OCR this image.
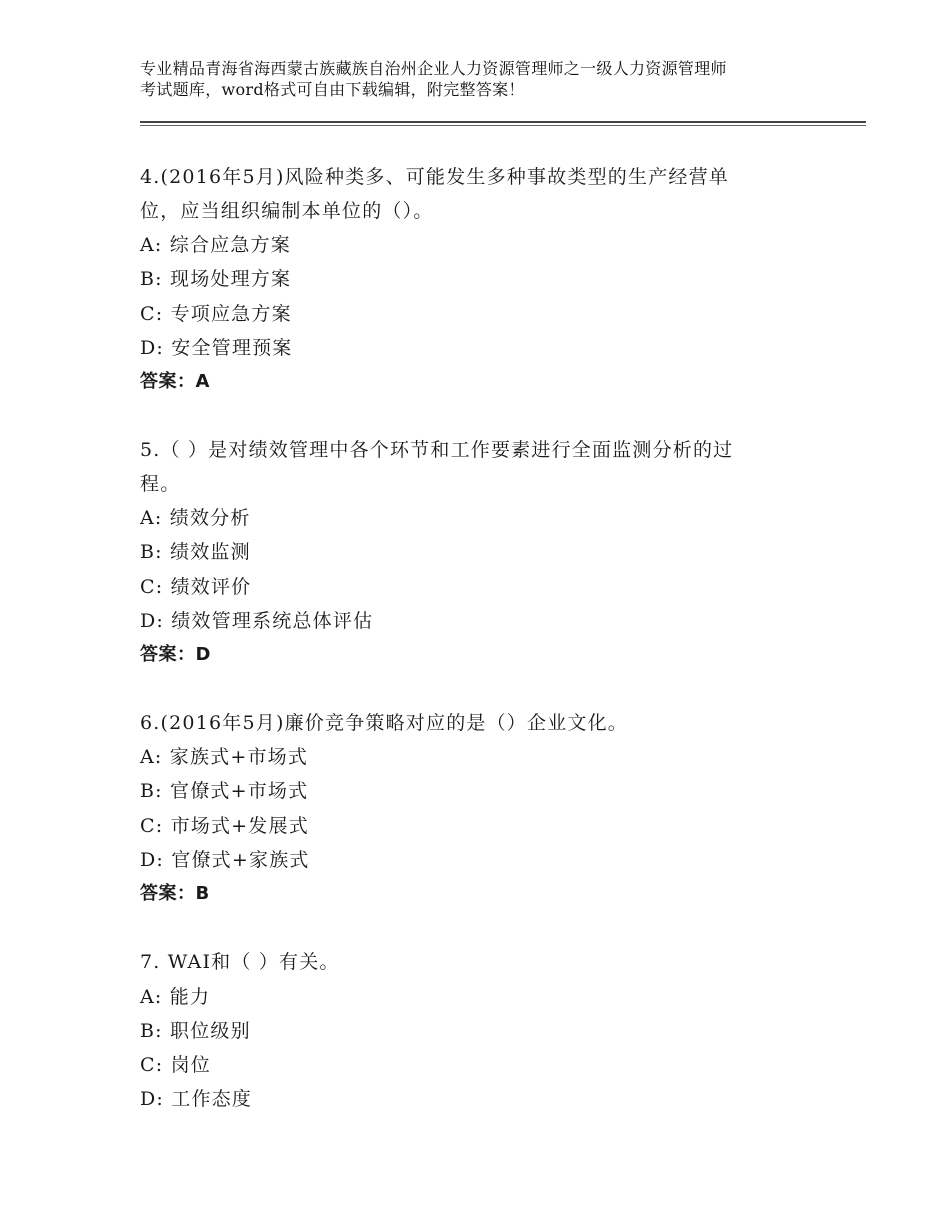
专业精品青海省海西蒙古族藏族自治州企业人力资源管理师之一级人力资源管理师
考试题库，word格式可自由下载编辑，附完整答案！
4.(2016年5月)风险种类多、可能发生多种事故类型的生产经营单
位，应当组织编制本单位的（）。
A: 综合应急方案
B: 现场处理方案
C: 专项应急方案
D: 安全管理预案
答案：A
5.（ ）是对绩效管理中各个环节和工作要素进行全面监测分析的过
程。
A: 绩效分析
B: 绩效监测
C: 绩效评价
D: 绩效管理系统总体评估
答案：D
6.(2016年5月)廉价竞争策略对应的是（）企业文化。
A: 家族式+市场式
B: 官僚式+市场式
C: 市场式+发展式
D: 官僚式+家族式
答案：B
7. WAI和（ ）有关。
A: 能力
B: 职位级别
C: 岗位
D: 工作态度
